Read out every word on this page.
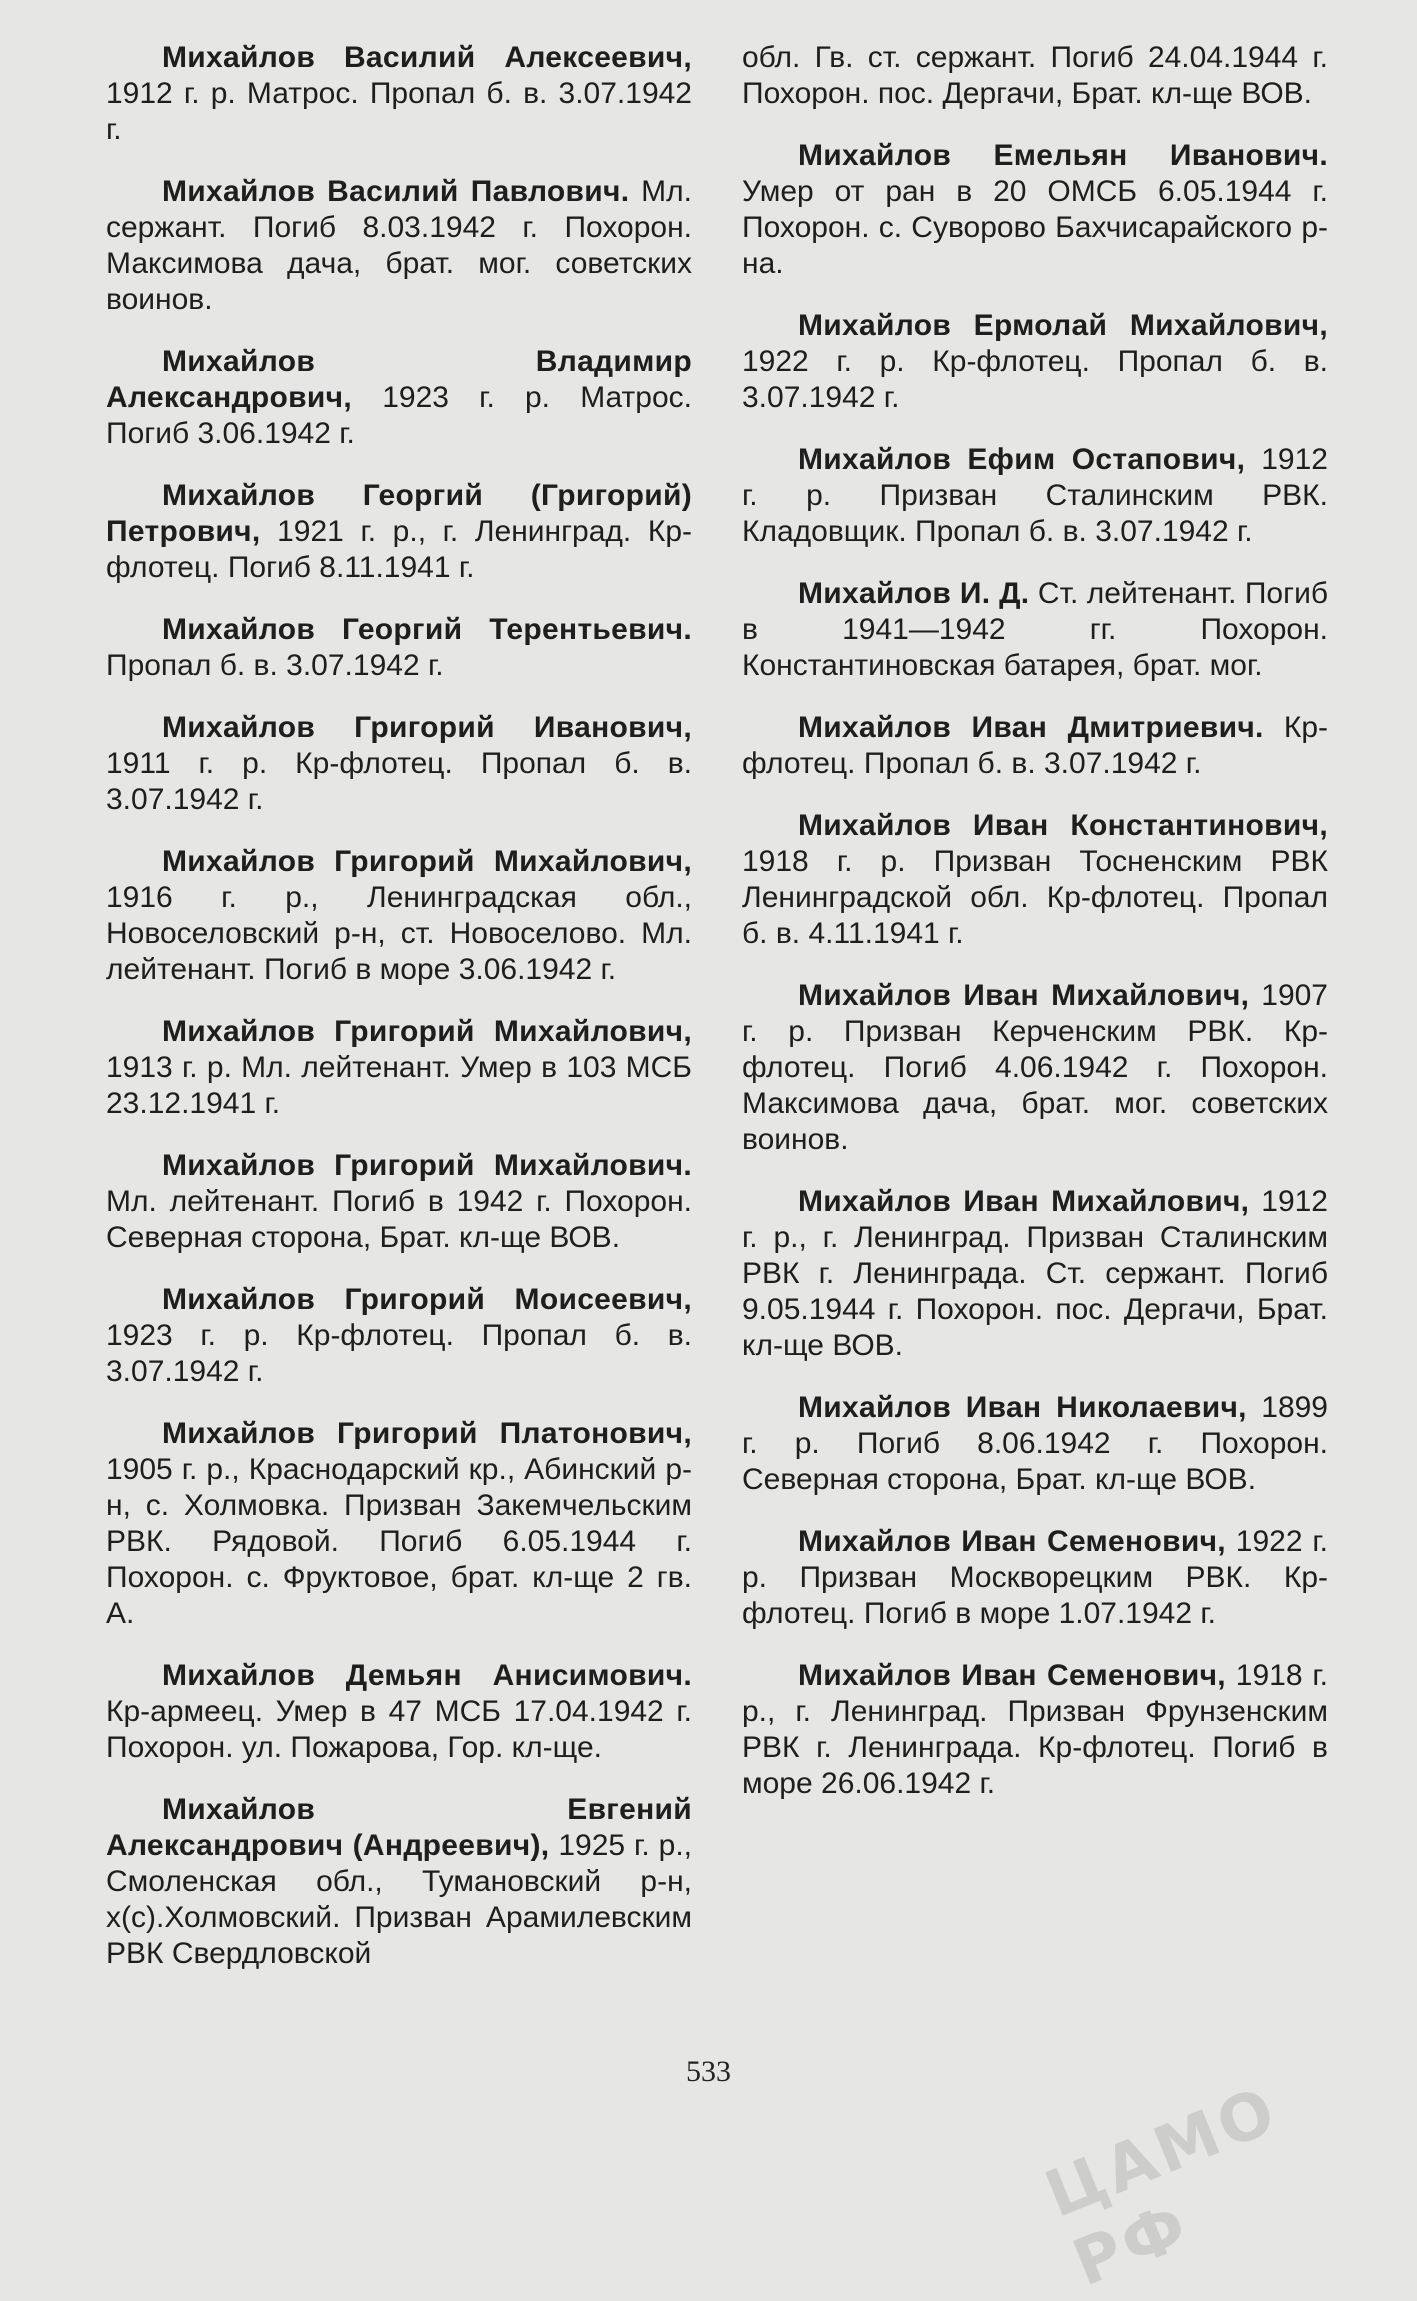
Михайлов Василий Алексеевич, 1912 г. р. Матрос. Пропал б. в. 3.07.1942 г.

Михайлов Василий Павлович. Мл. сержант. Погиб 8.03.1942 г. Похорон. Максимова дача, брат. мог. советских воинов.

Михайлов Владимир Александрович, 1923 г. р. Матрос. Погиб 3.06.1942 г.

Михайлов Георгий (Григорий) Петрович, 1921 г. р., г. Ленинград. Кр-флотец. Погиб 8.11.1941 г.

Михайлов Георгий Терентьевич. Пропал б. в. 3.07.1942 г.

Михайлов Григорий Иванович, 1911 г. р. Кр-флотец. Пропал б. в. 3.07.1942 г.

Михайлов Григорий Михайлович, 1916 г. р., Ленинградская обл., Новоселовский р-н, ст. Новоселово. Мл. лейтенант. Погиб в море 3.06.1942 г.

Михайлов Григорий Михайлович, 1913 г. р. Мл. лейтенант. Умер в 103 МСБ 23.12.1941 г.

Михайлов Григорий Михайлович. Мл. лейтенант. Погиб в 1942 г. Похорон. Северная сторона, Брат. кл-ще ВОВ.

Михайлов Григорий Моисеевич, 1923 г. р. Кр-флотец. Пропал б. в. 3.07.1942 г.

Михайлов Григорий Платонович, 1905 г. р., Краснодарский кр., Абинский р-н, с. Холмовка. Призван Закемчельским РВК. Рядовой. Погиб 6.05.1944 г. Похорон. с. Фруктовое, брат. кл-ще 2 гв. А.

Михайлов Демьян Анисимович. Кр-армеец. Умер в 47 МСБ 17.04.1942 г. Похорон. ул. Пожарова, Гор. кл-ще.

Михайлов Евгений Александрович (Андреевич), 1925 г. р., Смоленская обл., Тумановский р-н, х(с).Холмовский. Призван Арамилевским РВК Свердловской

обл. Гв. ст. сержант. Погиб 24.04.1944 г. Похорон. пос. Дергачи, Брат. кл-ще ВОВ.

Михайлов Емельян Иванович. Умер от ран в 20 ОМСБ 6.05.1944 г. Похорон. с. Суворово Бахчисарайского р-на.

Михайлов Ермолай Михайлович, 1922 г. р. Кр-флотец. Пропал б. в. 3.07.1942 г.

Михайлов Ефим Остапович, 1912 г. р. Призван Сталинским РВК. Кладовщик. Пропал б. в. 3.07.1942 г.

Михайлов И. Д. Ст. лейтенант. Погиб в 1941—1942 гг. Похорон. Константиновская батарея, брат. мог.

Михайлов Иван Дмитриевич. Кр-флотец. Пропал б. в. 3.07.1942 г.

Михайлов Иван Константинович, 1918 г. р. Призван Тосненским РВК Ленинградской обл. Кр-флотец. Пропал б. в. 4.11.1941 г.

Михайлов Иван Михайлович, 1907 г. р. Призван Керченским РВК. Кр-флотец. Погиб 4.06.1942 г. Похорон. Максимова дача, брат. мог. советских воинов.

Михайлов Иван Михайлович, 1912 г. р., г. Ленинград. Призван Сталинским РВК г. Ленинграда. Ст. сержант. Погиб 9.05.1944 г. Похорон. пос. Дергачи, Брат. кл-ще ВОВ.

Михайлов Иван Николаевич, 1899 г. р. Погиб 8.06.1942 г. Похорон. Северная сторона, Брат. кл-ще ВОВ.

Михайлов Иван Семенович, 1922 г. р. Призван Москворецким РВК. Кр-флотец. Погиб в море 1.07.1942 г.

Михайлов Иван Семенович, 1918 г. р., г. Ленинград. Призван Фрунзенским РВК г. Ленинграда. Кр-флотец. Погиб в море 26.06.1942 г.

533
ЦАМО РФ
